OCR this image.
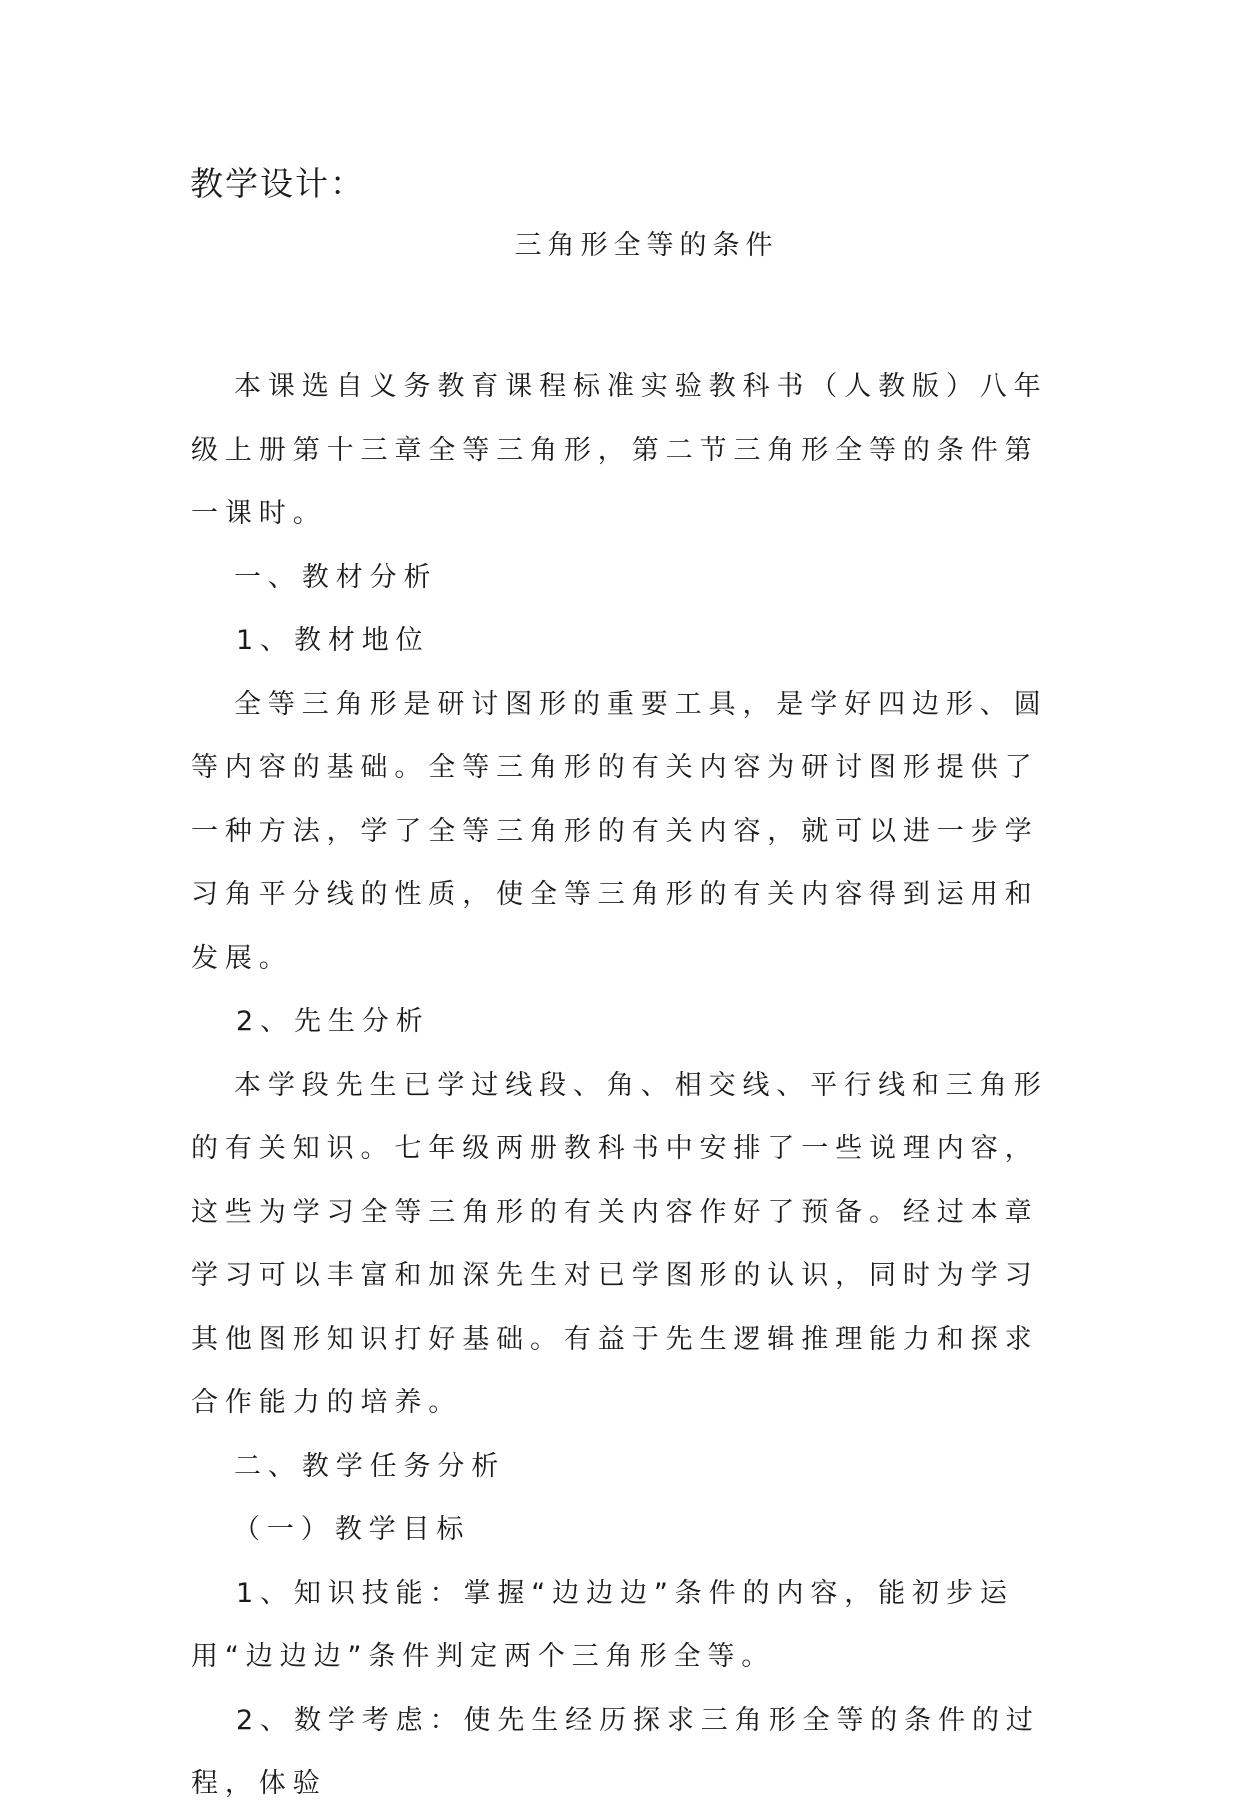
教学设计：
三角形全等的条件

本课选自义务教育课程标准实验教科书（人教版）八年级上册第十三章全等三角形，第二节三角形全等的条件第一课时。

一、教材分析

1、教材地位

全等三角形是研讨图形的重要工具，是学好四边形、圆等内容的基础。全等三角形的有关内容为研讨图形提供了一种方法，学了全等三角形的有关内容，就可以进一步学习角平分线的性质，使全等三角形的有关内容得到运用和发展。

2、先生分析

本学段先生已学过线段、角、相交线、平行线和三角形的有关知识。七年级两册教科书中安排了一些说理内容，这些为学习全等三角形的有关内容作好了预备。经过本章学习可以丰富和加深先生对已学图形的认识，同时为学习其他图形知识打好基础。有益于先生逻辑推理能力和探求合作能力的培养。

二、教学任务分析

（一）教学目标

1、知识技能：掌握“边边边”条件的内容，能初步运用“边边边”条件判定两个三角形全等。

2、数学考虑：使先生经历探求三角形全等的条件的过程，体验
